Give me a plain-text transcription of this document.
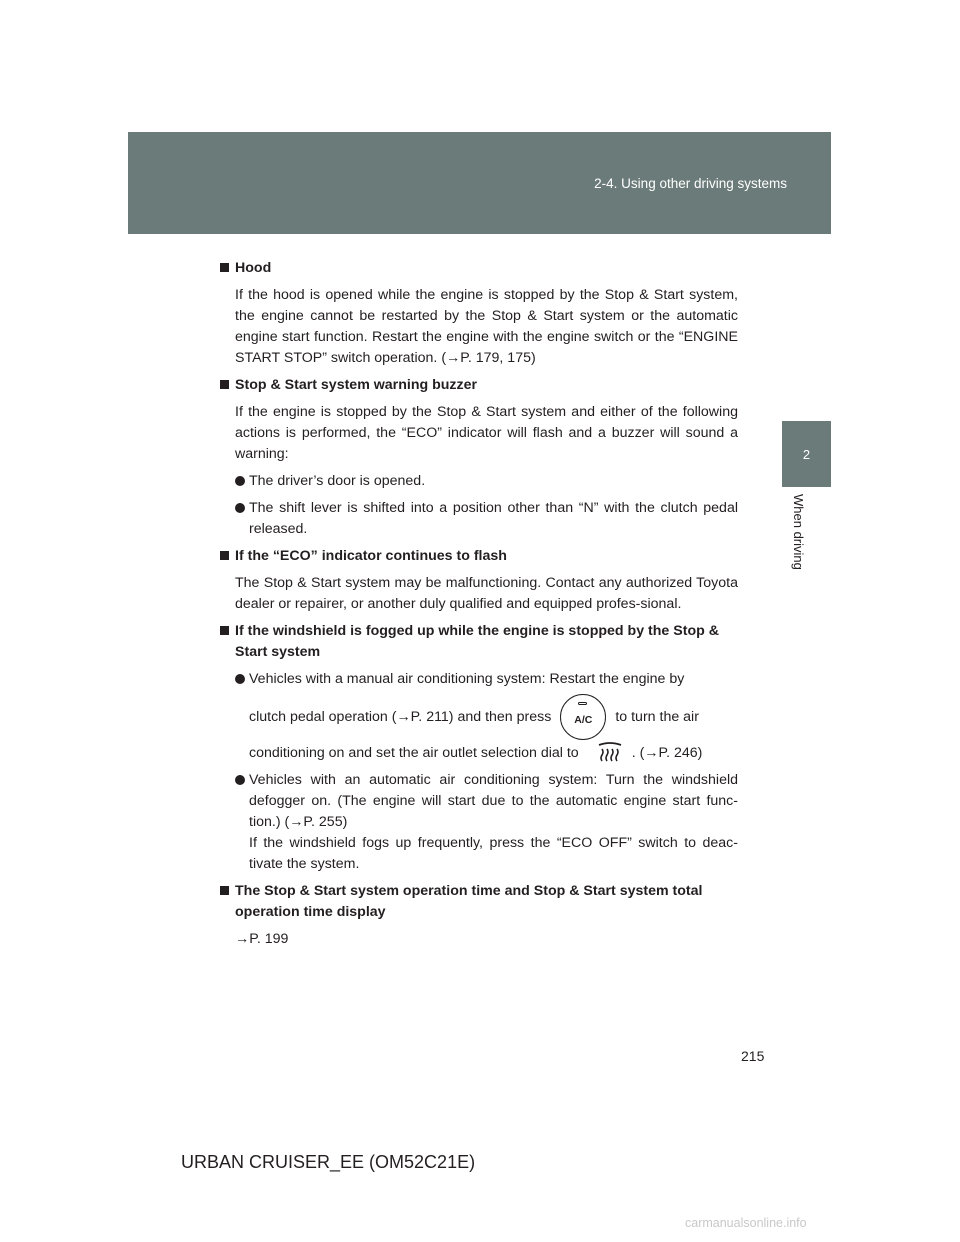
2-4. Using other driving systems
2
When driving
Hood
If the hood is opened while the engine is stopped by the Stop & Start system, the engine cannot be restarted by the Stop & Start system or the automatic engine start function. Restart the engine with the engine switch or the “ENGINE START STOP” switch operation. (→P. 179, 175)
Stop & Start system warning buzzer
If the engine is stopped by the Stop & Start system and either of the following actions is performed, the “ECO” indicator will flash and a buzzer will sound a warning:
The driver’s door is opened.
The shift lever is shifted into a position other than “N” with the clutch pedal released.
If the “ECO” indicator continues to flash
The Stop & Start system may be malfunctioning. Contact any authorized Toyota dealer or repairer, or another duly qualified and equipped profes-sional.
If the windshield is fogged up while the engine is stopped by the Stop & Start system
Vehicles with a manual air conditioning system: Restart the engine by
clutch pedal operation (→P. 211) and then press A/C to turn the air
conditioning on and set the air outlet selection dial to	. (→P. 246)
Vehicles with an automatic air conditioning system: Turn the windshield defogger on. (The engine will start due to the automatic engine start func-tion.) (→P. 255)
If the windshield fogs up frequently, press the “ECO OFF” switch to deac-tivate the system.
The Stop & Start system operation time and Stop & Start system total operation time display
→P. 199
215
URBAN CRUISER_EE (OM52C21E)
carmanualsonline.info
